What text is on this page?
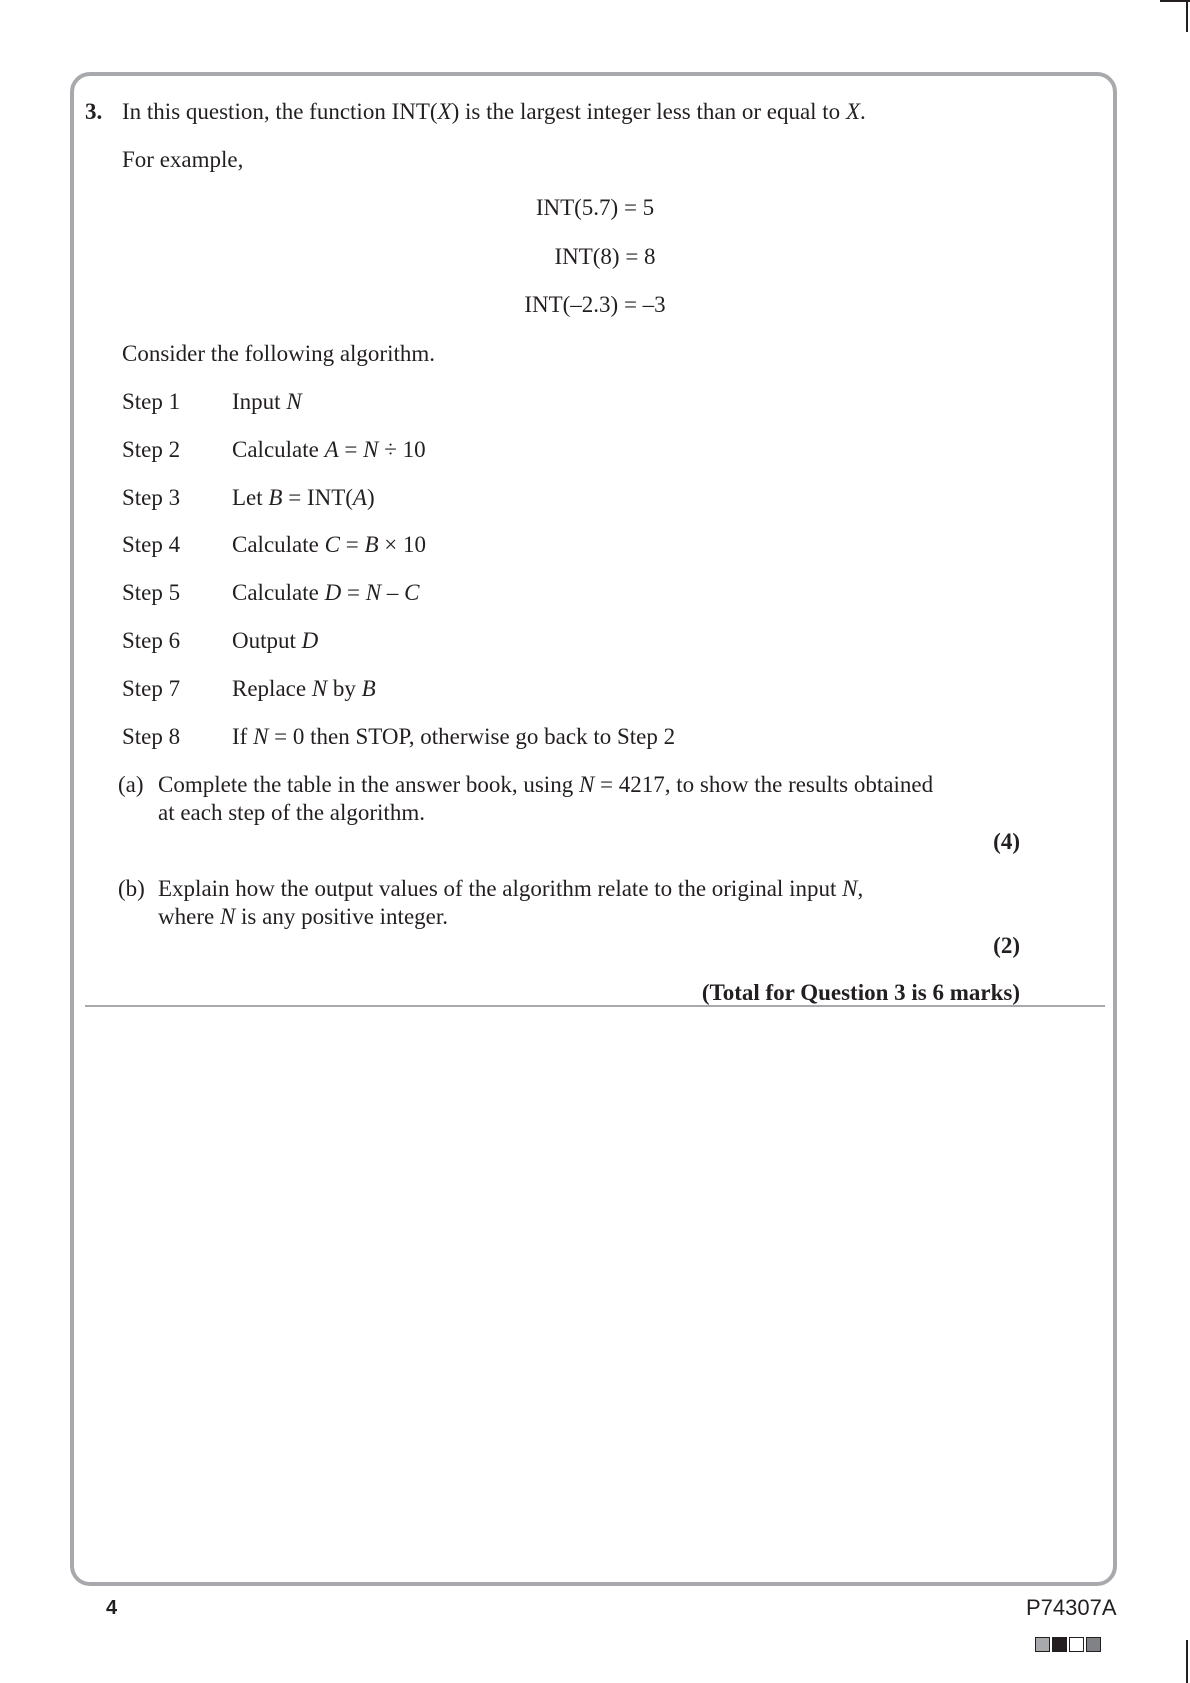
3. In this question, the function INT(X) is the largest integer less than or equal to X.
For example,
INT(5.7) = 5
INT(8) = 8
INT(–2.3) = –3
Consider the following algorithm.
Step 1 Input N
Step 2 Calculate A = N ÷ 10
Step 3 Let B = INT(A)
Step 4 Calculate C = B × 10
Step 5 Calculate D = N – C
Step 6 Output D
Step 7 Replace N by B
Step 8 If N = 0 then STOP, otherwise go back to Step 2
(a) Complete the table in the answer book, using N = 4217, to show the results obtained
at each step of the algorithm.
(4)
(b) Explain how the output values of the algorithm relate to the original input N,
where N is any positive integer.
(2)
(Total for Question 3 is 6 marks)
4	P74307A
